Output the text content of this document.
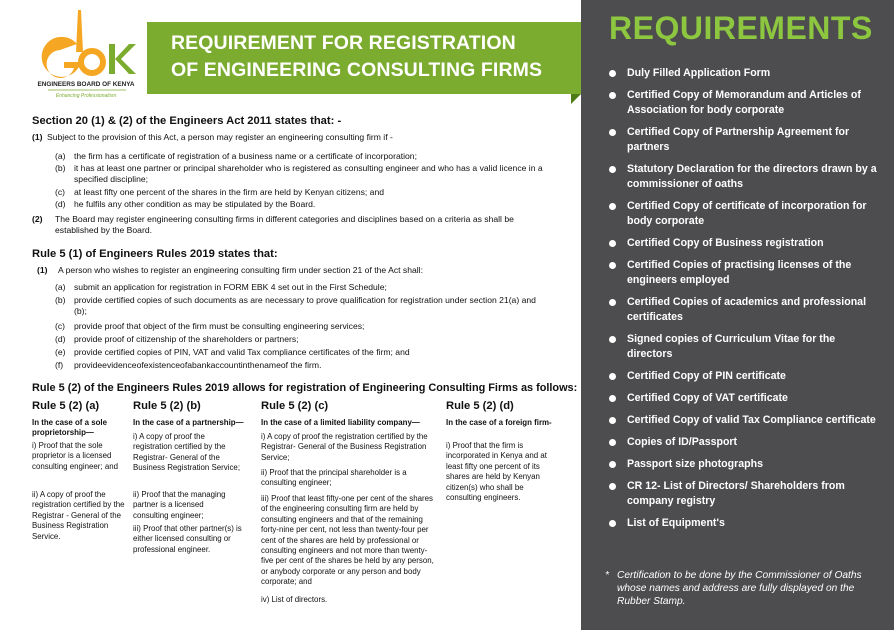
ENGINEERS BOARD OF KENYA
Enhancing Professionalism
REQUIREMENT FOR REGISTRATION
OF ENGINEERING CONSULTING FIRMS
Section 20 (1) & (2) of the Engineers Act 2011 states that: -
(1) Subject to the provision of this Act, a person may register an engineering consulting firm if -
(a) the firm has a certificate of registration of a business name or a certificate of incorporation;
(b) it has at least one partner or principal shareholder who is registered as consulting engineer and who has a valid licence in a specified discipline;
(c) at least fifty one percent of the shares in the firm are held by Kenyan citizens; and
(d) he fulfils any other condition as may be stipulated by the Board.
(2) The Board may register engineering consulting firms in different categories and disciplines based on a criteria as shall be established by the Board.
Rule 5 (1) of Engineers Rules 2019 states that:
(1) A person who wishes to register an engineering consulting firm under section 21 of the Act shall:
(a) submit an application for registration in FORM EBK 4 set out in the First Schedule;
(b) provide certified copies of such documents as are necessary to prove qualification for registration under section 21(a) and (b);
(c) provide proof that object of the firm must be consulting engineering services;
(d) provide proof of citizenship of the shareholders or partners;
(e) provide certified copies of PIN, VAT and valid Tax compliance certificates of the firm; and
(f) provideevidenceofexistenceofabankaccountinthenameof the firm.
Rule 5 (2) of the Engineers Rules 2019 allows for registration of Engineering Consulting Firms as follows:
Rule 5 (2) (a)
In the case of a sole proprietorship—
i) Proof that the sole proprietor is a licensed consulting engineer; and
ii) A copy of proof the registration certified by the Registrar - General of the Business Registration Service.
Rule 5 (2) (b)
In the case of a partnership—
i) A copy of proof the registration certified by the Registrar- General of the Business Registration Service;
ii) Proof that the managing partner is a licensed consulting engineer;
iii) Proof that other partner(s) is either licensed consulting or professional engineer.
Rule 5 (2) (c)
In the case of a limited liability company—
i) A copy of proof the registration certified by the Registrar- General of the Business Registration Service;
ii) Proof that the principal shareholder is a consulting engineer;
iii) Proof that least fifty-one per cent of the shares of the engineering consulting firm are held by consulting engineers and that of the remaining forty-nine per cent, not less than twenty-four per cent of the shares are held by professional or consulting engineers and not more than twenty-five per cent of the shares be held by any person, or anybody corporate or any person and body corporate; and
iv) List of directors.
Rule 5 (2) (d)
In the case of a foreign firm-
i) Proof that the firm is incorporated in Kenya and at least fifty one percent of its shares are held by Kenyan citizen(s) who shall be consulting engineers.
REQUIREMENTS
Duly Filled Application Form
Certified Copy of Memorandum and Articles of Association for body corporate
Certified Copy of Partnership Agreement for partners
Statutory Declaration for the directors drawn by a commissioner of oaths
Certified Copy of certificate of incorporation for body corporate
Certified Copy of Business registration
Certified Copies of practising licenses of the engineers employed
Certified Copies of academics and professional certificates
Signed copies of Curriculum Vitae for the directors
Certified Copy of PIN certificate
Certified Copy of VAT certificate
Certified Copy of valid Tax Compliance certificate
Copies of ID/Passport
Passport size photographs
CR 12- List of Directors/ Shareholders from company registry
List of Equipment's
* Certification to be done by the Commissioner of Oaths whose names and address are fully displayed on the Rubber Stamp.
